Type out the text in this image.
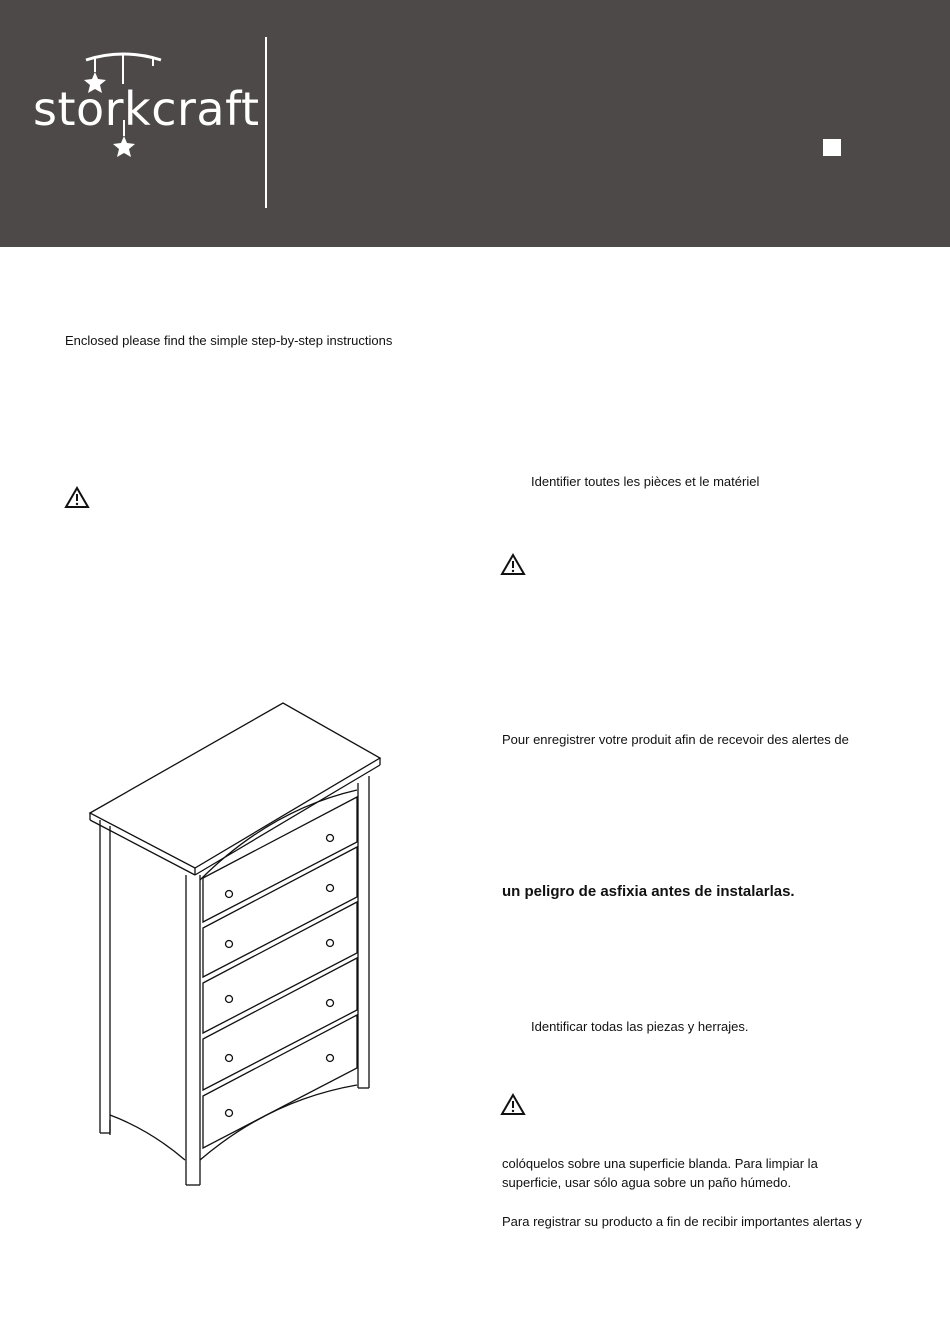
storkcraft
Enclosed please find the simple step-by-step instructions
Identifier toutes les pièces et le matériel
Pour enregistrer votre produit afin de recevoir des alertes de
un peligro de asfixia antes de instalarlas.
Identificar todas las piezas y herrajes.
colóquelos sobre una superficie blanda. Para limpiar la
superficie, usar sólo agua sobre un paño húmedo.
Para registrar su producto a fin de recibir importantes alertas y
